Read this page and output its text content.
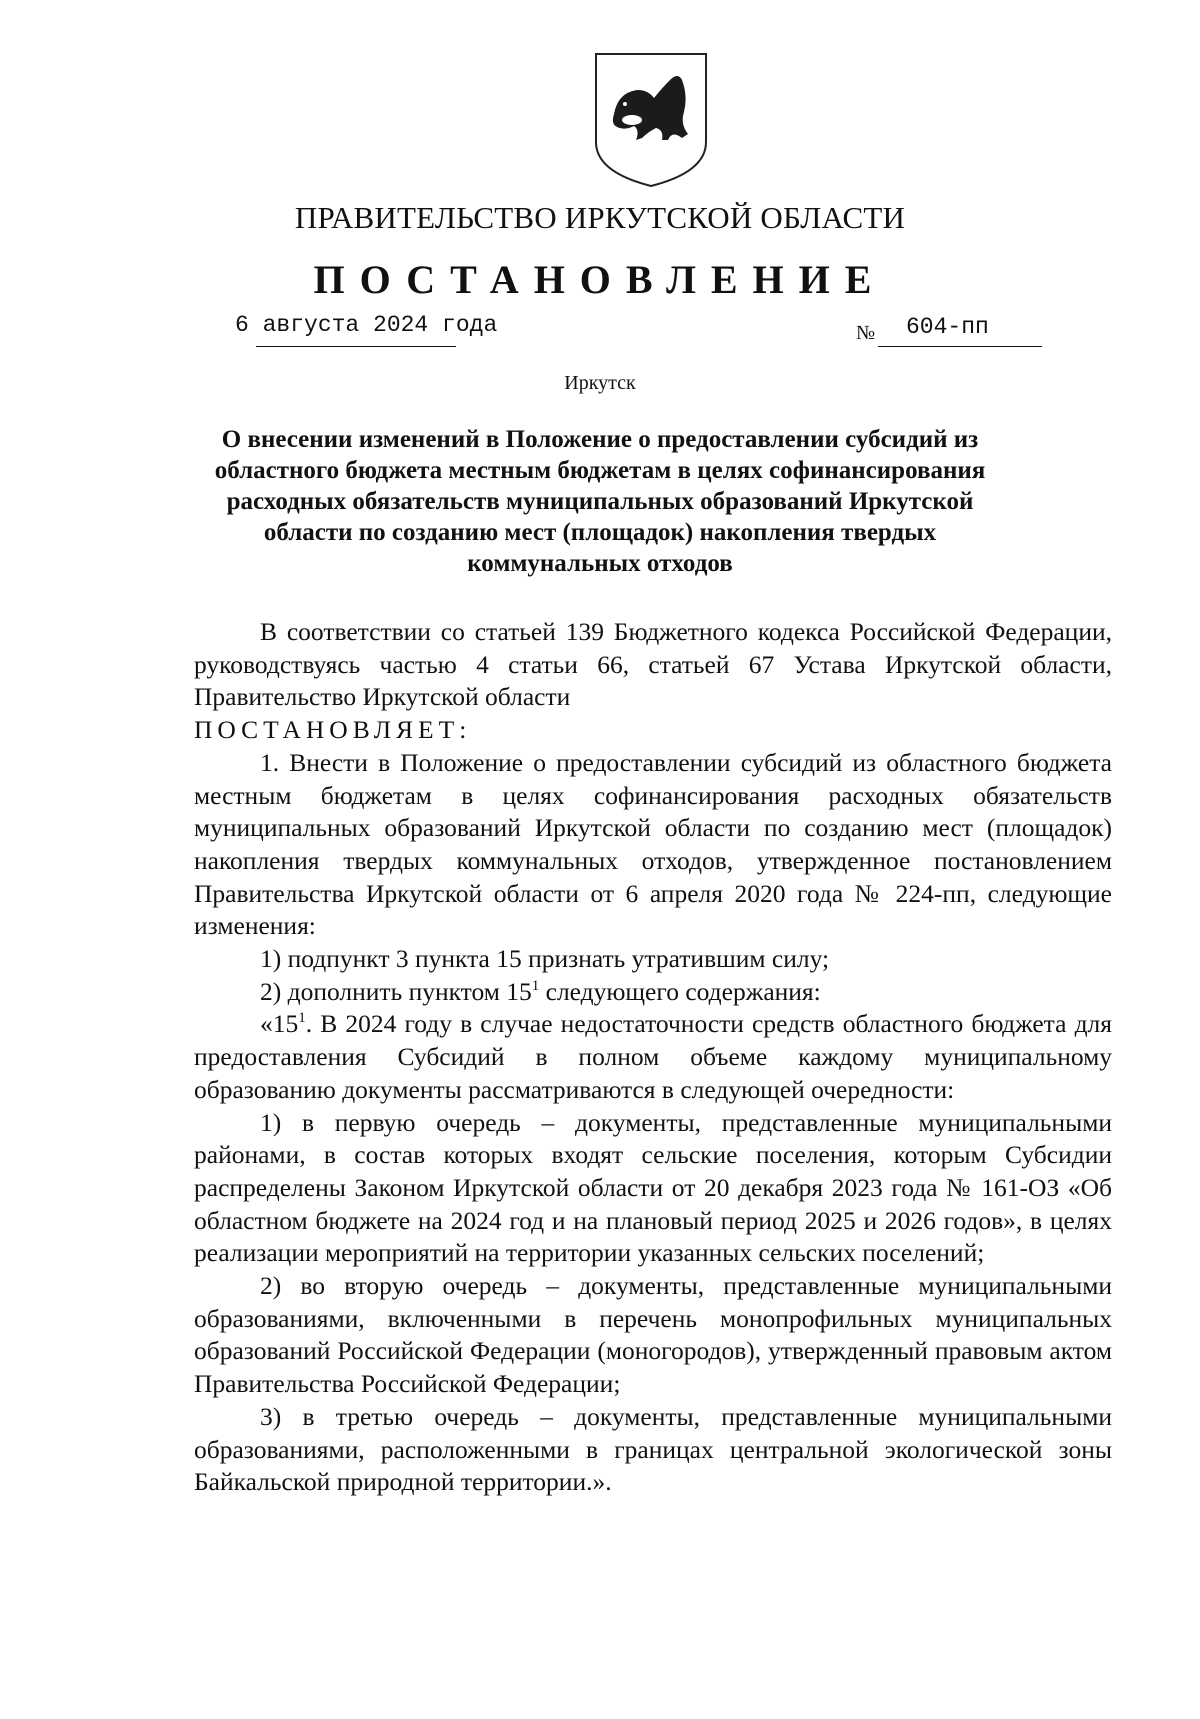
ПРАВИТЕЛЬСТВО ИРКУТСКОЙ ОБЛАСТИ
ПОСТАНОВЛЕНИЕ
6 августа 2024 года	№ 604-пп
Иркутск
О внесении изменений в Положение о предоставлении субсидий из областного бюджета местным бюджетам в целях софинансирования расходных обязательств муниципальных образований Иркутской области по созданию мест (площадок) накопления твердых коммунальных отходов

В соответствии со статьей 139 Бюджетного кодекса Российской Федерации, руководствуясь частью 4 статьи 66, статьей 67 Устава Иркутской области, Правительство Иркутской области

ПОСТАНОВЛЯЕТ:

1. Внести в Положение о предоставлении субсидий из областного бюджета местным бюджетам в целях софинансирования расходных обязательств муниципальных образований Иркутской области по созданию мест (площадок) накопления твердых коммунальных отходов, утвержденное постановлением Правительства Иркутской области от 6 апреля 2020 года № 224-пп, следующие изменения:

1) подпункт 3 пункта 15 признать утратившим силу;

2) дополнить пунктом $15^1$ следующего содержания:

«$15^1$. В 2024 году в случае недостаточности средств областного бюджета для предоставления Субсидий в полном объеме каждому муниципальному образованию документы рассматриваются в следующей очередности:

1) в первую очередь – документы, представленные муниципальными районами, в состав которых входят сельские поселения, которым Субсидии распределены Законом Иркутской области от 20 декабря 2023 года № 161-ОЗ «Об областном бюджете на 2024 год и на плановый период 2025 и 2026 годов», в целях реализации мероприятий на территории указанных сельских поселений;

2) во вторую очередь – документы, представленные муниципальными образованиями, включенными в перечень монопрофильных муниципальных образований Российской Федерации (моногородов), утвержденный правовым актом Правительства Российской Федерации;

3) в третью очередь – документы, представленные муниципальными образованиями, расположенными в границах центральной экологической зоны Байкальской природной территории.».
